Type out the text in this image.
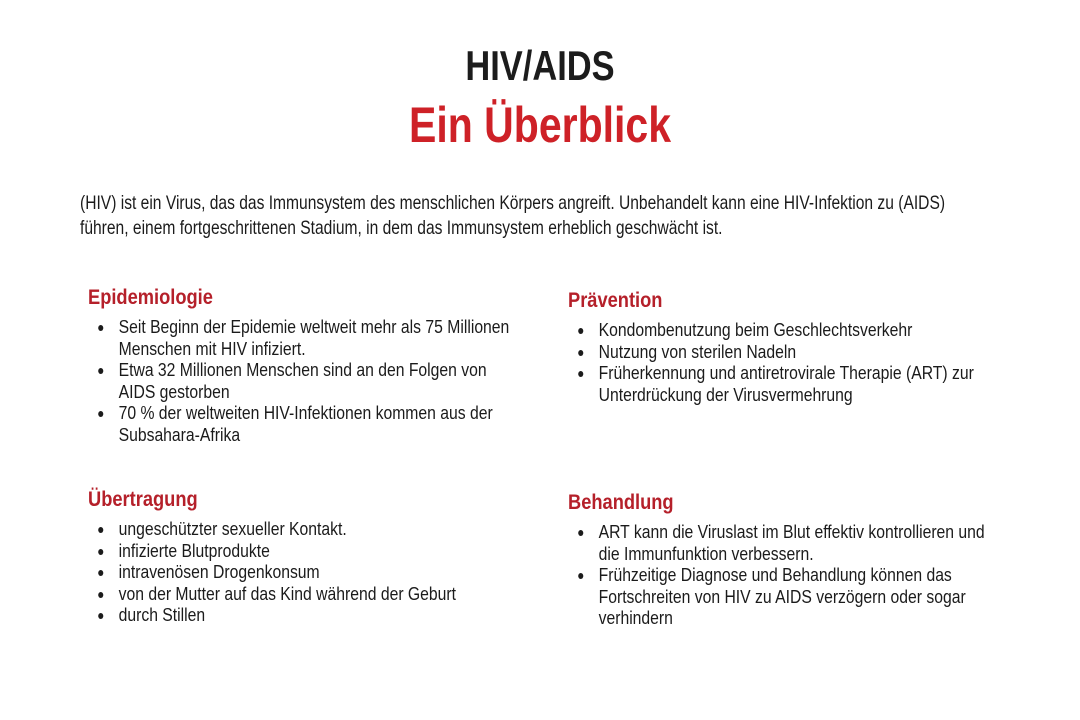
HIV/AIDS
Ein Überblick

(HIV) ist ein Virus, das das Immunsystem des menschlichen Körpers angreift. Unbehandelt kann eine HIV-Infektion zu (AIDS) führen, einem fortgeschrittenen Stadium, in dem das Immunsystem erheblich geschwächt ist.

Epidemiologie
• Seit Beginn der Epidemie weltweit mehr als 75 Millionen Menschen mit HIV infiziert.
• Etwa 32 Millionen Menschen sind an den Folgen von AIDS gestorben
• 70 % der weltweiten HIV-Infektionen kommen aus der Subsahara-Afrika
Prävention
• Kondombenutzung beim Geschlechtsverkehr
• Nutzung von sterilen Nadeln
• Früherkennung und antiretrovirale Therapie (ART) zur Unterdrückung der Virusvermehrung
Übertragung
• ungeschützter sexueller Kontakt.
• infizierte Blutprodukte
• intravenösen Drogenkonsum
• von der Mutter auf das Kind während der Geburt
• durch Stillen
Behandlung
• ART kann die Viruslast im Blut effektiv kontrollieren und die Immunfunktion verbessern.
• Frühzeitige Diagnose und Behandlung können das Fortschreiten von HIV zu AIDS verzögern oder sogar verhindern
